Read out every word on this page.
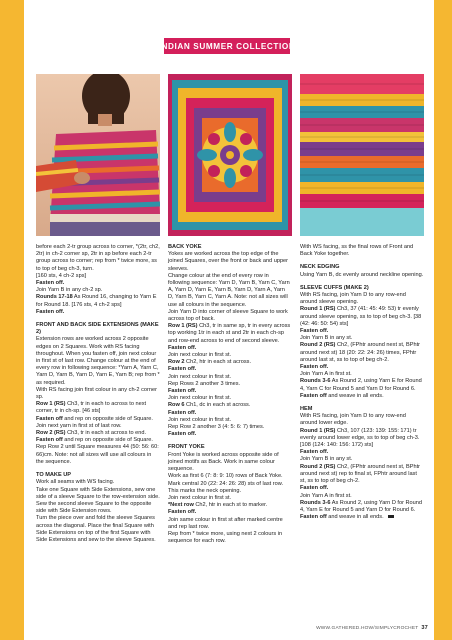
INDIAN SUMMER COLLECTION

before each 2-tr group across to corner, *(2tr, ch2, 2tr) in ch-2 corner sp, 2tr in sp before each 2-tr group across to corner; rep from * twice more, ss to top of beg ch-3, turn.

[160 sts, 4 ch-2 sps]

Fasten off.

Join Yarn B in any ch-2 sp.

Rounds 17-18 As Round 16, changing to Yarn E for Round 18. [176 sts, 4 ch-2 sps]

Fasten off.

FRONT AND BACK SIDE EXTENSIONS (MAKE 2)

Extension rows are worked across 2 opposite edges on 2 Squares. Work with RS facing throughout. When you fasten off, join next colour in first st of last row. Change colour at the end of every row in following sequence: *Yarn A, Yarn C, Yarn D, Yarn B, Yarn D, Yarn E, Yarn B; rep from * as required.

With RS facing join first colour in any ch-2 corner sp.

Row 1 (RS) Ch3, tr in each to across to next corner, tr in ch-sp. [46 sts]

Fasten off and rep on opposite side of Square. Join next yarn in first st of last row.

Row 2 (RS) Ch3, tr in each st across to end.

Fasten off and rep on opposite side of Square. Rep Row 2 until Square measures 44 (50: 56: 60: 66)cm. Note: not all sizes will use all colours in the sequence.

TO MAKE UP

Work all seams with WS facing.

Take one Square with Side Extensions, sew one side of a sleeve Square to the row-extension side. Sew the second sleeve Square to the opposite side with Side Extension rows.

Turn the piece over and fold the sleeve Squares across the diagonal. Place the final Square with Side Extensions on top of the first Square with Side Extensions and sew to the sleeve Squares.

BACK YOKE

Yokes are worked across the top edge of the joined Squares, over the front or back and upper sleeves.

Change colour at the end of every row in following sequence: Yarn D, Yarn B, Yarn C, Yarn A, Yarn D, Yarn E, Yarn B, Yarn D, Yarn A, Yarn D, Yarn B, Yarn C, Yarn A. Note: not all sizes will use all colours in the sequence.

Join Yarn D into corner of sleeve Square to work across top of back.

Row 1 (RS) Ch3, tr in same sp, tr in every across top working 1tr in each st and 2tr in each ch-sp and row-end across to end of second sleeve.

Fasten off.

Join next colour in first st.

Row 2 Ch2, htr in each st across.

Fasten off.

Join next colour in first st.

Rep Rows 2 another 3 times.

Fasten off.

Join next colour in first st.

Row 6 Ch1, dc in each st across.

Fasten off.

Join next colour in first st.

Rep Row 2 another 3 (4: 5: 6: 7) times.

Fasten off.

FRONT YOKE

Front Yoke is worked across opposite side of joined motifs as Back. Work in same colour sequence.

Work as first 6 (7: 8: 9: 10) rows of Back Yoke. Mark central 20 (22: 24: 26: 28) sts of last row. This marks the neck opening.

Join next colour in first st.

*Next row Ch2, htr in each st to marker.

Fasten off.

Join same colour in first st after marked centre and rep last row.

Rep from * twice more, using next 2 colours in sequence for each row.

With WS facing, ss the final rows of Front and Back Yoke together.

NECK EDGING

Using Yarn B, dc evenly around neckline opening.

SLEEVE CUFFS (MAKE 2)

With RS facing, join Yarn D to any row-end around sleeve opening.

Round 1 (RS) Ch3, 37 (41: 45: 49: 53) tr evenly around sleeve opening, ss to top of beg ch-3. [38 (42: 46: 50: 54) sts]

Fasten off.

Join Yarn B in any st.

Round 2 (RS) Ch2, (FPhtr around next st, BPhtr around next st) 18 (20: 22: 24: 26) times, FPhtr around last st, ss to top of beg ch-2.

Fasten off.

Join Yarn A in first st.

Rounds 3-6 As Round 2, using Yarn E for Round 4, Yarn C for Round 5 and Yarn D for Round 6.

Fasten off and weave in all ends.

HEM

With RS facing, join Yarn D to any row-end around lower edge.

Round 1 (RS) Ch3, 107 (123: 139: 155: 171) tr evenly around lower edge, ss to top of beg ch-3. [108 (124: 140: 156: 172) sts]

Fasten off.

Join Yarn B in any st.

Round 2 (RS) Ch2, (FPhtr around next st, BPhtr around next st) rep to final st, FPhtr around last st, ss to top of beg ch-2.

Fasten off.

Join Yarn A in first st.

Rounds 3-6 As Round 2, using Yarn D for Round 4, Yarn E for Round 5 and Yarn D for Round 6.

Fasten off and weave in all ends.

WWW.GATHERED.HOW/SIMPLYCROCHET 37
